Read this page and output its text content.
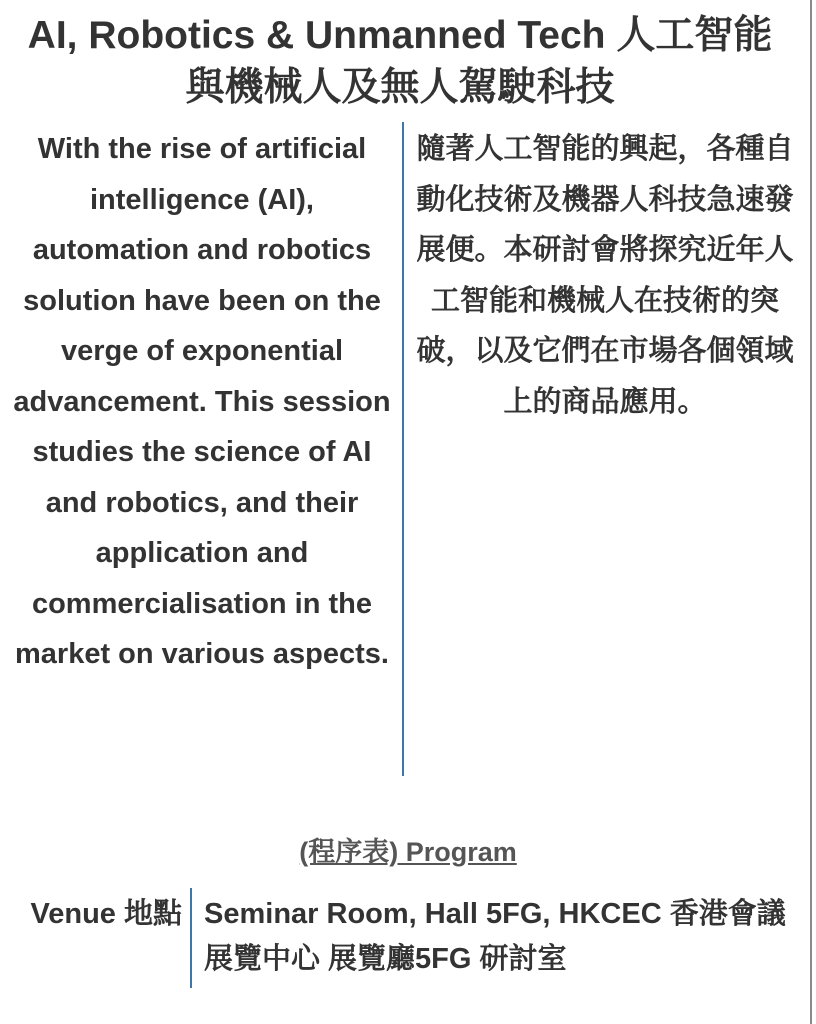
AI, Robotics & Unmanned Tech 人工智能與機械人及無人駕駛科技

With the rise of artificial intelligence (AI), automation and robotics solution have been on the verge of exponential advancement. This session studies the science of AI and robotics, and their application and commercialisation in the market on various aspects.

隨著人工智能的興起，各種自動化技術及機器人科技急速發展便。本研討會將探究近年人工智能和機械人在技術的突破，以及它們在市場各個領域上的商品應用。

(程序表) Program
Venue 地點 Seminar Room, Hall 5FG, HKCEC 香港會議展覽中心 展覽廳5FG 研討室
